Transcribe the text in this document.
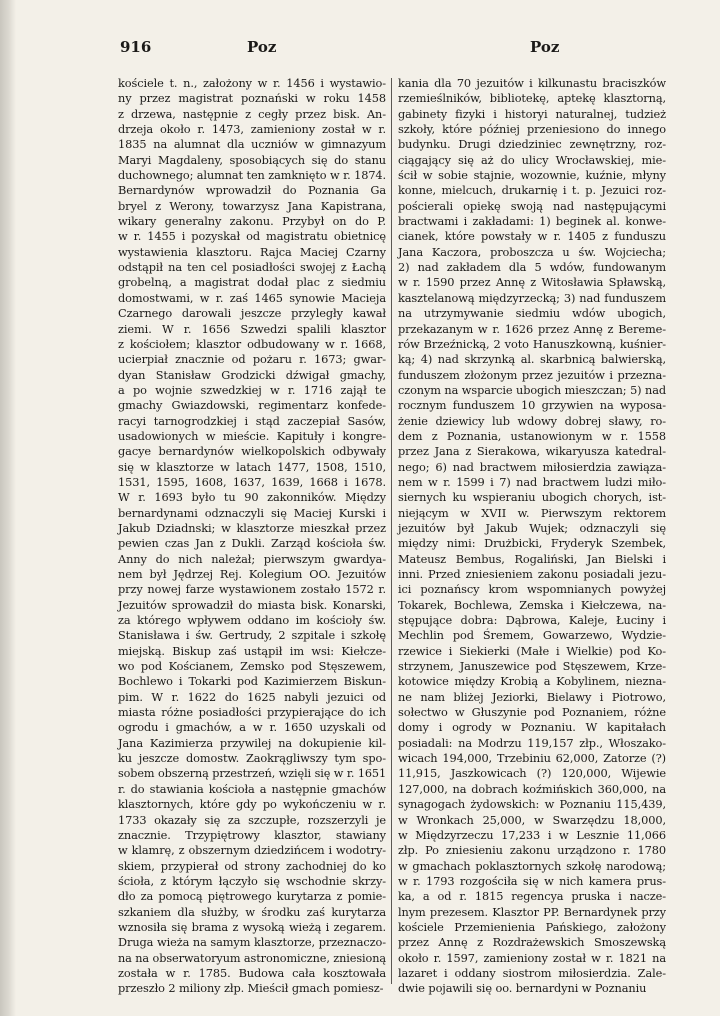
916	Poz	Poz
kościele t. n., założony w r. 1456 i wystawio-
ny przez magistrat poznański w roku 1458
z drzewa, następnie z cegły przez bisk. An-
drzeja około r. 1473, zamieniony został w r.
1835 na alumnat dla uczniów w gimnazyum
Maryi Magdaleny, sposobiących się do stanu
duchownego; alumnat ten zamknięto w r. 1874.
Bernardynów wprowadził do Poznania Ga
bryel z Werony, towarzysz Jana Kapistrana,
wikary generalny zakonu. Przybył on do P.
w r. 1455 i pozyskał od magistratu obietnicę
wystawienia klasztoru. Rajca Maciej Czarny
odstąpił na ten cel posiadłości swojej z Łachą
grobelną, a magistrat dodał plac z siedmiu
domostwami, w r. zaś 1465 synowie Macieja
Czarnego darowali jeszcze przyległy kawał
ziemi. W r. 1656 Szwedzi spalili klasztor
z kościołem; klasztor odbudowany w r. 1668,
ucierpiał znacznie od pożaru r. 1673; gwar-
dyan Stanisław Grodzicki dźwigał gmachy,
a po wojnie szwedzkiej w r. 1716 zajął te
gmachy Gwiazdowski, regimentarz konfede-
racyi tarnogrodzkiej i stąd zaczepiał Sasów,
usadowionych w mieście. Kapituły i kongre-
gacye bernardynów wielkopolskich odbywały
się w klasztorze w latach 1477, 1508, 1510,
1531, 1595, 1608, 1637, 1639, 1668 i 1678.
W r. 1693 było tu 90 zakonników. Między
bernardynami odznaczyli się Maciej Kurski i
Jakub Dziadnski; w klasztorze mieszkał przez
pewien czas Jan z Dukli. Zarząd kościoła św.
Anny do nich należał; pierwszym gwardya-
nem był Jędrzej Rej. Kolegium OO. Jezuitów
przy nowej farze wystawionem zostało 1572 r.
Jezuitów sprowadził do miasta bisk. Konarski,
za którego wpływem oddano im kościoły św.
Stanisława i św. Gertrudy, 2 szpitale i szkołę
miejską. Biskup zaś ustąpił im wsi: Kiełcze-
wo pod Kościanem, Zemsko pod Stęszewem,
Bochlewo i Tokarki pod Kazimierzem Biskun-
pim. W r. 1622 do 1625 nabyli jezuici od
miasta różne posiadłości przypierające do ich
ogrodu i gmachów, a w r. 1650 uzyskali od
Jana Kazimierza przywilej na dokupienie kil-
ku jeszcze domostw. Zaokrągliwszy tym spo-
sobem obszerną przestrzeń, wzięli się w r. 1651
r. do stawiania kościoła a następnie gmachów
klasztornych, które gdy po wykończeniu w r.
1733 okazały się za szczupłe, rozszerzyli je
znacznie. Trzypiętrowy klasztor, stawiany
w klamrę, z obszernym dziedzińcem i wodotry-
skiem, przypierał od strony zachodniej do ko
ścioła, z którym łączyło się wschodnie skrzy-
dło za pomocą piętrowego kurytarza z pomie-
szkaniem dla służby, w środku zaś kurytarza
wznosiła się brama z wysoką wieżą i zegarem.
Druga wieża na samym klasztorze, przeznaczo-
na na obserwatoryum astronomiczne, zniesioną
została w r. 1785. Budowa cała kosztowała
przeszło 2 miliony złp. Mieścił gmach pomiesz-
kania dla 70 jezuitów i kilkunastu braciszków
rzemieślników, bibliotekę, aptekę klasztorną,
gabinety fizyki i historyi naturalnej, tudzież
szkoły, które później przeniesiono do innego
budynku. Drugi dziedziniec zewnętrzny, roz-
ciągający się aż do ulicy Wrocławskiej, mie-
ścił w sobie stajnie, wozownie, kuźnie, młyny
konne, mielcuch, drukarnię i t. p. Jezuici roz-
pościerali opiekę swoją nad następującymi
bractwami i zakładami: 1) beginek al. konwe-
cianek, które powstały w r. 1405 z funduszu
Jana Kaczora, proboszcza u św. Wojciecha;
2) nad zakładem dla 5 wdów, fundowanym
w r. 1590 przez Annę z Witosławia Spławską,
kasztelanową międzyrzecką; 3) nad funduszem
na utrzymywanie siedmiu wdów ubogich,
przekazanym w r. 1626 przez Annę z Bereme-
rów Brzeźnicką, 2 voto Hanuszkowną, kuśnier-
ką; 4) nad skrzynką al. skarbnicą balwierską,
funduszem złożonym przez jezuitów i przezna-
czonym na wsparcie ubogich mieszczan; 5) nad
rocznym funduszem 10 grzywien na wyposa-
żenie dziewicy lub wdowy dobrej sławy, ro-
dem z Poznania, ustanowionym w r. 1558
przez Jana z Sierakowa, wikaryusza katedral-
nego; 6) nad bractwem miłosierdzia zawiąza-
nem w r. 1599 i 7) nad bractwem ludzi miło-
siernych ku wspieraniu ubogich chorych, ist-
niejącym w XVII w. Pierwszym rektorem
jezuitów był Jakub Wujek; odznaczyli się
między nimi: Drużbicki, Fryderyk Szembek,
Mateusz Bembus, Rogaliński, Jan Bielski i
inni. Przed zniesieniem zakonu posiadali jezu-
ici poznańscy krom wspomnianych powyżej
Tokarek, Bochlewa, Zemska i Kiełczewa, na-
stępujące dobra: Dąbrowa, Kaleje, Łuciny i
Mechlin pod Śremem, Gowarzewo, Wydzie-
rzewice i Siekierki (Małe i Wielkie) pod Ko-
strzynem, Januszewice pod Stęszewem, Krze-
kotowice między Krobią a Kobylinem, niezna-
ne nam bliżej Jeziorki, Bielawy i Piotrowo,
sołectwo w Głuszynie pod Poznaniem, różne
domy i ogrody w Poznaniu. W kapitałach
posiadali: na Modrzu 119,157 złp., Włoszako-
wicach 194,000, Trzebiniu 62,000, Zatorze (?)
11,915, Jaszkowicach (?) 120,000, Wijewie
127,000, na dobrach koźmińskich 360,000, na
synagogach żydowskich: w Poznaniu 115,439,
w Wronkach 25,000, w Swarzędzu 18,000,
w Międzyrzeczu 17,233 i w Lesznie 11,066
złp. Po zniesieniu zakonu urządzono r. 1780
w gmachach poklasztornych szkołę narodową;
w r. 1793 rozgościła się w nich kamera prus-
ka, a od r. 1815 regencya pruska i nacze-
lnym prezesem. Klasztor PP. Bernardynek przy
kościele Przemienienia Pańskiego, założony
przez Annę z Rozdrażewskich Smoszewską
około r. 1597, zamieniony został w r. 1821 na
lazaret i oddany siostrom miłosierdzia. Zale-
dwie pojawili się oo. bernardyni w Poznaniu
